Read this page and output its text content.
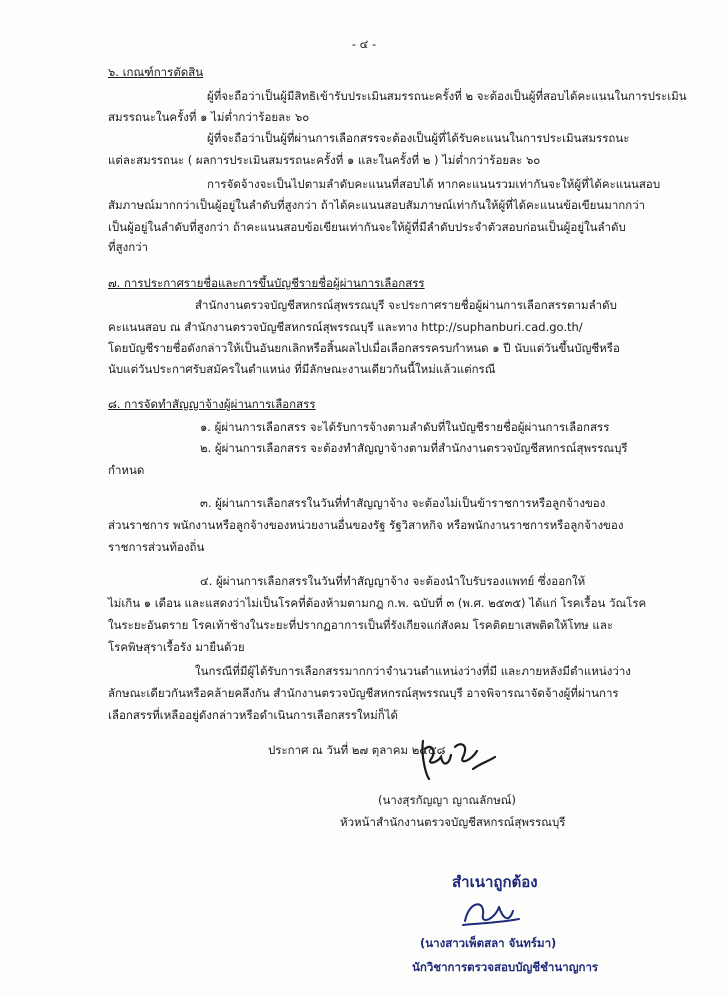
- ๔ -
๖. เกณฑ์การตัดสิน
ผู้ที่จะถือว่าเป็นผู้มีสิทธิเข้ารับประเมินสมรรถนะครั้งที่ ๒ จะต้องเป็นผู้ที่สอบได้คะแนนในการประเมิน
สมรรถนะในครั้งที่ ๑ ไม่ต่ำกว่าร้อยละ ๖๐
ผู้ที่จะถือว่าเป็นผู้ที่ผ่านการเลือกสรรจะต้องเป็นผู้ที่ได้รับคะแนนในการประเมินสมรรถนะ
แต่ละสมรรถนะ ( ผลการประเมินสมรรถนะครั้งที่ ๑ และในครั้งที่ ๒ ) ไม่ต่ำกว่าร้อยละ ๖๐
การจัดจ้างจะเป็นไปตามลำดับคะแนนที่สอบได้ หากคะแนนรวมเท่ากันจะให้ผู้ที่ได้คะแนนสอบ
สัมภาษณ์มากกว่าเป็นผู้อยู่ในลำดับที่สูงกว่า ถ้าได้คะแนนสอบสัมภาษณ์เท่ากันให้ผู้ที่ได้คะแนนข้อเขียนมากกว่า
เป็นผู้อยู่ในลำดับที่สูงกว่า ถ้าคะแนนสอบข้อเขียนเท่ากันจะให้ผู้ที่มีลำดับประจำตัวสอบก่อนเป็นผู้อยู่ในลำดับ
ที่สูงกว่า
๗. การประกาศรายชื่อและการขึ้นบัญชีรายชื่อผู้ผ่านการเลือกสรร
สำนักงานตรวจบัญชีสหกรณ์สุพรรณบุรี จะประกาศรายชื่อผู้ผ่านการเลือกสรรตามลำดับ
คะแนนสอบ ณ สำนักงานตรวจบัญชีสหกรณ์สุพรรณบุรี และทาง http://suphanburi.cad.go.th/
โดยบัญชีรายชื่อดังกล่าวให้เป็นอันยกเลิกหรือสิ้นผลไปเมื่อเลือกสรรครบกำหนด ๑ ปี นับแต่วันขึ้นบัญชีหรือ
นับแต่วันประกาศรับสมัครในตำแหน่ง ที่มีลักษณะงานเดียวกันนี้ใหม่แล้วแต่กรณี
๘. การจัดทำสัญญาจ้างผู้ผ่านการเลือกสรร
๑. ผู้ผ่านการเลือกสรร จะได้รับการจ้างตามลำดับที่ในบัญชีรายชื่อผู้ผ่านการเลือกสรร
๒. ผู้ผ่านการเลือกสรร จะต้องทำสัญญาจ้างตามที่สำนักงานตรวจบัญชีสหกรณ์สุพรรณบุรี
กำหนด
๓. ผู้ผ่านการเลือกสรรในวันที่ทำสัญญาจ้าง จะต้องไม่เป็นข้าราชการหรือลูกจ้างของ
ส่วนราชการ พนักงานหรือลูกจ้างของหน่วยงานอื่นของรัฐ รัฐวิสาหกิจ หรือพนักงานราชการหรือลูกจ้างของ
ราชการส่วนท้องถิ่น
๔. ผู้ผ่านการเลือกสรรในวันที่ทำสัญญาจ้าง จะต้องนำใบรับรองแพทย์ ซึ่งออกให้
ไม่เกิน ๑ เดือน และแสดงว่าไม่เป็นโรคที่ต้องห้ามตามกฎ ก.พ. ฉบับที่ ๓ (พ.ศ. ๒๕๓๕) ได้แก่ โรคเรื้อน วัณโรค
ในระยะอันตราย โรคเท้าช้างในระยะที่ปรากฏอาการเป็นที่รังเกียจแก่สังคม โรคติดยาเสพติดให้โทษ และ
โรคพิษสุราเรื้อรัง มายืนด้วย
ในกรณีที่มีผู้ได้รับการเลือกสรรมากกว่าจำนวนตำแหน่งว่างที่มี และภายหลังมีตำแหน่งว่าง
ลักษณะเดียวกันหรือคล้ายคลึงกัน สำนักงานตรวจบัญชีสหกรณ์สุพรรณบุรี อาจพิจารณาจัดจ้างผู้ที่ผ่านการ
เลือกสรรที่เหลืออยู่ดังกล่าวหรือดำเนินการเลือกสรรใหม่ก็ได้
ประกาศ ณ วันที่ ๒๗ ตุลาคม ๒๕๕๘
(นางสุรกัญญา ญาณลักษณ์)
หัวหน้าสำนักงานตรวจบัญชีสหกรณ์สุพรรณบุรี
สำเนาถูกต้อง
(นางสาวเพ็ตสลา จันทร์มา)
นักวิชาการตรวจสอบบัญชีชำนาญการ
